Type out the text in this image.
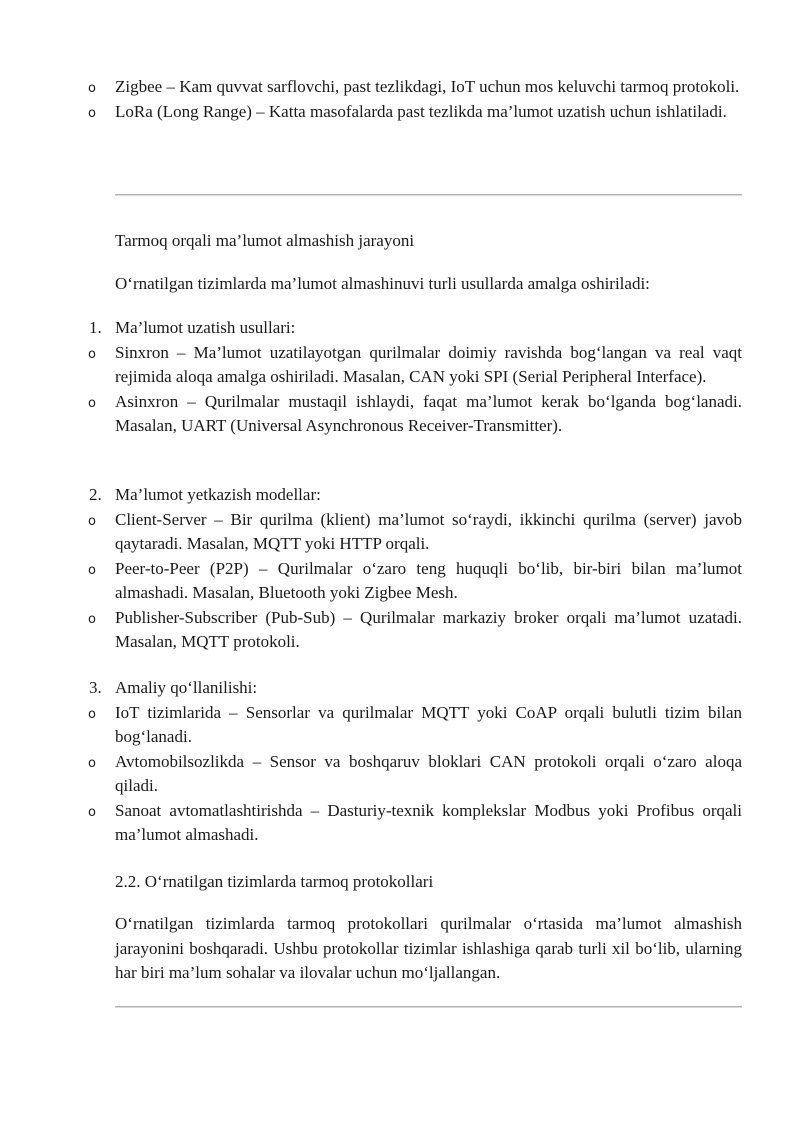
o Zigbee – Kam quvvat sarflovchi, past tezlikdagi, IoT uchun mos keluvchi tarmoq protokoli.
o LoRa (Long Range) – Katta masofalarda past tezlikda ma’lumot uzatish uchun ishlatiladi.
Tarmoq orqali ma’lumot almashish jarayoni
O‘rnatilgan tizimlarda ma’lumot almashinuvi turli usullarda amalga oshiriladi:
1. Ma’lumot uzatish usullari:
o Sinxron – Ma’lumot uzatilayotgan qurilmalar doimiy ravishda bog‘langan va real vaqt rejimida aloqa amalga oshiriladi. Masalan, CAN yoki SPI (Serial Peripheral Interface).
o Asinxron – Qurilmalar mustaqil ishlaydi, faqat ma’lumot kerak bo‘lganda bog‘lanadi. Masalan, UART (Universal Asynchronous Receiver-Transmitter).
2. Ma’lumot yetkazish modellar:
o Client-Server – Bir qurilma (klient) ma’lumot so‘raydi, ikkinchi qurilma (server) javob qaytaradi. Masalan, MQTT yoki HTTP orqali.
o Peer-to-Peer (P2P) – Qurilmalar o‘zaro teng huquqli bo‘lib, bir-biri bilan ma’lumot almashadi. Masalan, Bluetooth yoki Zigbee Mesh.
o Publisher-Subscriber (Pub-Sub) – Qurilmalar markaziy broker orqali ma’lumot uzatadi. Masalan, MQTT protokoli.
3. Amaliy qo‘llanilishi:
o IoT tizimlarida – Sensorlar va qurilmalar MQTT yoki CoAP orqali bulutli tizim bilan bog‘lanadi.
o Avtomobilsozlikda – Sensor va boshqaruv bloklari CAN protokoli orqali o‘zaro aloqa qiladi.
o Sanoat avtomatlashtirishda – Dasturiy-texnik komplekslar Modbus yoki Profibus orqali ma’lumot almashadi.
2.2. O‘rnatilgan tizimlarda tarmoq protokollari
O‘rnatilgan tizimlarda tarmoq protokollari qurilmalar o‘rtasida ma’lumot almashish jarayonini boshqaradi. Ushbu protokollar tizimlar ishlashiga qarab turli xil bo‘lib, ularning har biri ma’lum sohalar va ilovalar uchun mo‘ljallangan.
